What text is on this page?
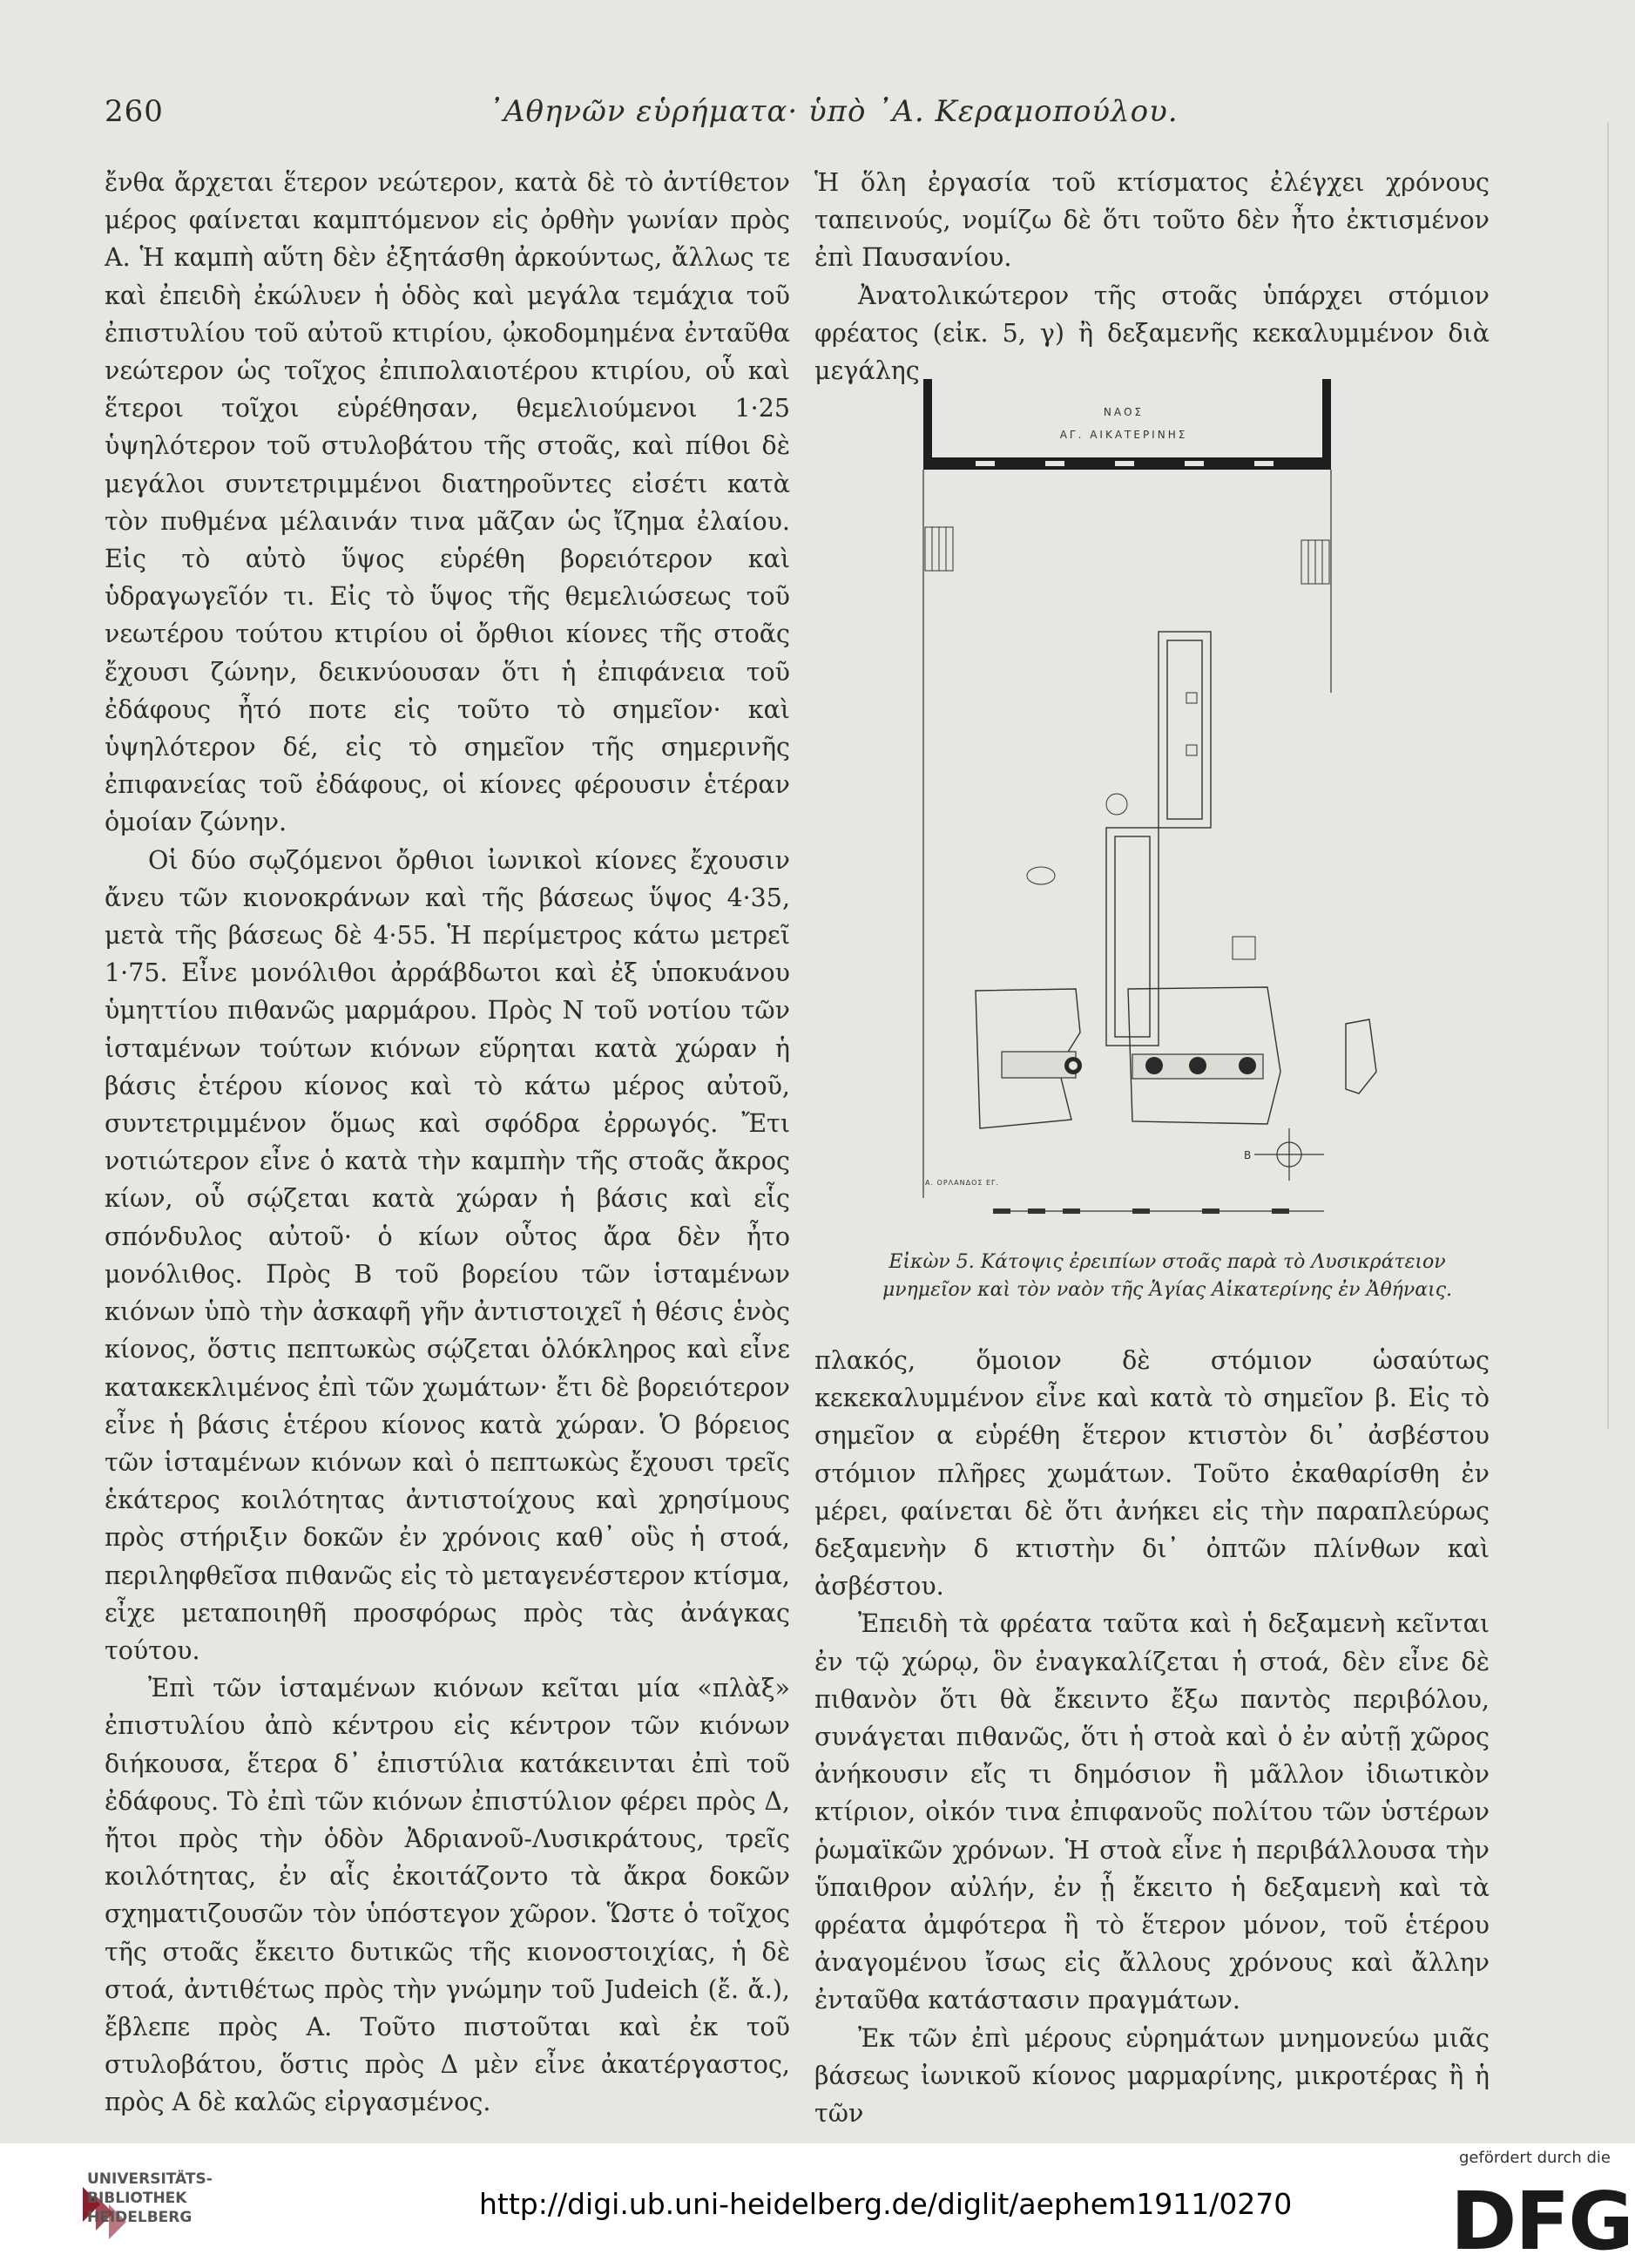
260	᾿Αθηνῶν εὑρήματα· ὑπὸ ᾿Α. Κεραμοπούλου.

ἔνθα ἄρχεται ἕτερον νεώτερον, κατὰ δὲ τὸ ἀντίθετον μέρος φαίνεται καμπτόμενον εἰς ὀρθὴν γωνίαν πρὸς Α. Ἡ καμπὴ αὕτη δὲν ἐξητάσθη ἀρκούντως, ἄλλως τε καὶ ἐπειδὴ ἐκώλυεν ἡ ὁδὸς καὶ μεγάλα τεμάχια τοῦ ἐπιστυλίου τοῦ αὐτοῦ κτιρίου, ᾠκοδομημένα ἐνταῦθα νεώτερον ὡς τοῖχος ἐπιπολαιοτέρου κτιρίου, οὗ καὶ ἕτεροι τοῖχοι εὑρέθησαν, θεμελιούμενοι 1·25 ὑψηλότερον τοῦ στυλοβάτου τῆς στοᾶς, καὶ πίθοι δὲ μεγάλοι συντετριμμένοι διατηροῦντες εἰσέτι κατὰ τὸν πυθμένα μέλαινάν τινα μᾶζαν ὡς ἴζημα ἐλαίου. Εἰς τὸ αὐτὸ ὕψος εὑρέθη βορειότερον καὶ ὑδραγωγεῖόν τι. Εἰς τὸ ὕψος τῆς θεμελιώσεως τοῦ νεωτέρου τούτου κτιρίου οἱ ὄρθιοι κίονες τῆς στοᾶς ἔχουσι ζώνην, δεικνύουσαν ὅτι ἡ ἐπιφάνεια τοῦ ἐδάφους ἦτό ποτε εἰς τοῦτο τὸ σημεῖον· καὶ ὑψηλότερον δέ, εἰς τὸ σημεῖον τῆς σημερινῆς ἐπιφανείας τοῦ ἐδάφους, οἱ κίονες φέρουσιν ἑτέραν ὁμοίαν ζώνην.

Οἱ δύο σῳζόμενοι ὄρθιοι ἰωνικοὶ κίονες ἔχουσιν ἄνευ τῶν κιονοκράνων καὶ τῆς βάσεως ὕψος 4·35, μετὰ τῆς βάσεως δὲ 4·55. Ἡ περίμετρος κάτω μετρεῖ 1·75. Εἶνε μονόλιθοι ἀρράβδωτοι καὶ ἐξ ὑποκυάνου ὑμηττίου πιθανῶς μαρμάρου. Πρὸς Ν τοῦ νοτίου τῶν ἱσταμένων τούτων κιόνων εὕρηται κατὰ χώραν ἡ βάσις ἑτέρου κίονος καὶ τὸ κάτω μέρος αὐτοῦ, συντετριμμένον ὅμως καὶ σφόδρα ἐρρωγός. Ἔτι νοτιώτερον εἶνε ὁ κατὰ τὴν καμπὴν τῆς στοᾶς ἄκρος κίων, οὗ σῴζεται κατὰ χώραν ἡ βάσις καὶ εἷς σπόνδυλος αὐτοῦ· ὁ κίων οὗτος ἄρα δὲν ἦτο μονόλιθος. Πρὸς Β τοῦ βορείου τῶν ἱσταμένων κιόνων ὑπὸ τὴν ἀσκαφῆ γῆν ἀντιστοιχεῖ ἡ θέσις ἑνὸς κίονος, ὅστις πεπτωκὼς σῴζεται ὁλόκληρος καὶ εἶνε κατακεκλιμένος ἐπὶ τῶν χωμάτων· ἔτι δὲ βορειότερον εἶνε ἡ βάσις ἑτέρου κίονος κατὰ χώραν. Ὁ βόρειος τῶν ἱσταμένων κιόνων καὶ ὁ πεπτωκὼς ἔχουσι τρεῖς ἑκάτερος κοιλότητας ἀντιστοίχους καὶ χρησίμους πρὸς στήριξιν δοκῶν ἐν χρόνοις καθ᾿ οὓς ἡ στοά, περιληφθεῖσα πιθανῶς εἰς τὸ μεταγενέστερον κτίσμα, εἶχε μεταποιηθῆ προσφόρως πρὸς τὰς ἀνάγκας τούτου.

Ἐπὶ τῶν ἱσταμένων κιόνων κεῖται μία «πλὰξ» ἐπιστυλίου ἀπὸ κέντρου εἰς κέντρον τῶν κιόνων διήκουσα, ἕτερα δ᾿ ἐπιστύλια κατάκεινται ἐπὶ τοῦ ἐδάφους. Τὸ ἐπὶ τῶν κιόνων ἐπιστύλιον φέρει πρὸς Δ, ἤτοι πρὸς τὴν ὁδὸν Ἀδριανοῦ-Λυσικράτους, τρεῖς κοιλότητας, ἐν αἷς ἐκοιτάζοντο τὰ ἄκρα δοκῶν σχηματιζουσῶν τὸν ὑπόστεγον χῶρον. Ὥστε ὁ τοῖχος τῆς στοᾶς ἔκειτο δυτικῶς τῆς κιονοστοιχίας, ἡ δὲ στοά, ἀντιθέτως πρὸς τὴν γνώμην τοῦ Judeich (ἔ. ἄ.), ἔβλεπε πρὸς Α. Τοῦτο πιστοῦται καὶ ἐκ τοῦ στυλοβάτου, ὅστις πρὸς Δ μὲν εἶνε ἀκατέργαστος, πρὸς Α δὲ καλῶς εἰργασμένος.

Ἡ ὅλη ἐργασία τοῦ κτίσματος ἐλέγχει χρόνους ταπεινούς, νομίζω δὲ ὅτι τοῦτο δὲν ἦτο ἐκτισμένον ἐπὶ Παυσανίου.

Ἀνατολικώτερον τῆς στοᾶς ὑπάρχει στόμιον φρέατος (εἰκ. 5, γ) ἢ δεξαμενῆς κεκαλυμμένον διὰ μεγάλης

ΝΑΟΣ
ΑΓ. ΑΙΚΑΤΕΡΙΝΗΣ
Β
Α. ΟΡΛΑΝΔΟΣ ΕΓ.
Εἰκὼν 5. Κάτοψις ἐρειπίων στοᾶς παρὰ τὸ Λυσικράτειον
μνημεῖον καὶ τὸν ναὸν τῆς Ἁγίας Αἰκατερίνης ἐν Ἀθήναις.

πλακός, ὅμοιον δὲ στόμιον ὡσαύτως κεκεκαλυμμένον εἶνε καὶ κατὰ τὸ σημεῖον β. Εἰς τὸ σημεῖον α εὑρέθη ἕτερον κτιστὸν δι᾿ ἀσβέστου στόμιον πλῆρες χωμάτων. Τοῦτο ἐκαθαρίσθη ἐν μέρει, φαίνεται δὲ ὅτι ἀνήκει εἰς τὴν παραπλεύρως δεξαμενὴν δ κτιστὴν δι᾿ ὀπτῶν πλίνθων καὶ ἀσβέστου.

Ἐπειδὴ τὰ φρέατα ταῦτα καὶ ἡ δεξαμενὴ κεῖνται ἐν τῷ χώρῳ, ὃν ἐναγκαλίζεται ἡ στοά, δὲν εἶνε δὲ πιθανὸν ὅτι θὰ ἔκειντο ἔξω παντὸς περιβόλου, συνάγεται πιθανῶς, ὅτι ἡ στοὰ καὶ ὁ ἐν αὐτῇ χῶρος ἀνήκουσιν εἴς τι δημόσιον ἢ μᾶλλον ἰδιωτικὸν κτίριον, οἰκόν τινα ἐπιφανοῦς πολίτου τῶν ὑστέρων ῥωμαϊκῶν χρόνων. Ἡ στοὰ εἶνε ἡ περιβάλλουσα τὴν ὕπαιθρον αὐλήν, ἐν ᾗ ἔκειτο ἡ δεξαμενὴ καὶ τὰ φρέατα ἀμφότερα ἢ τὸ ἕτερον μόνον, τοῦ ἑτέρου ἀναγομένου ἴσως εἰς ἄλλους χρόνους καὶ ἄλλην ἐνταῦθα κατάστασιν πραγμάτων.

Ἐκ τῶν ἐπὶ μέρους εὑρημάτων μνημονεύω μιᾶς βάσεως ἰωνικοῦ κίονος μαρμαρίνης, μικροτέρας ἢ ἡ τῶν

UNIVERSITÄTS-
BIBLIOTHEK
HEIDELBERG	http://digi.ub.uni-heidelberg.de/diglit/aephem1911/0270
gefördert durch die
DFG
